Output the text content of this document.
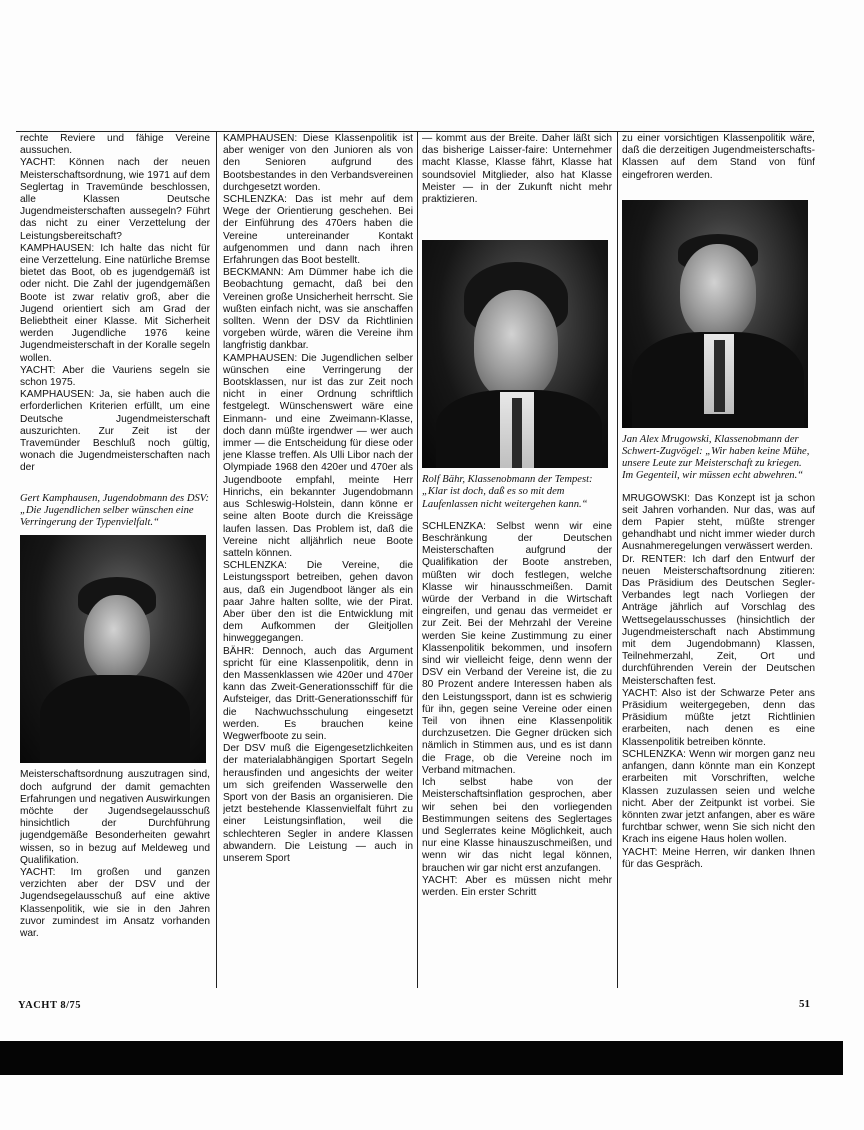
rechte Reviere und fähige Vereine aussuchen.

YACHT: Können nach der neuen Meisterschaftsordnung, wie 1971 auf dem Seglertag in Travemünde beschlossen, alle Klassen Deutsche Jugendmeisterschaften aussegeln? Führt das nicht zu einer Verzettelung der Leistungsbereitschaft?

KAMPHAUSEN: Ich halte das nicht für eine Verzettelung. Eine natürliche Bremse bietet das Boot, ob es jugendgemäß ist oder nicht. Die Zahl der jugendgemäßen Boote ist zwar relativ groß, aber die Jugend orientiert sich am Grad der Beliebtheit einer Klasse. Mit Sicherheit werden Jugendliche 1976 keine Jugendmeisterschaft in der Koralle segeln wollen.

YACHT: Aber die Vauriens segeln sie schon 1975.

KAMPHAUSEN: Ja, sie haben auch die erforderlichen Kriterien erfüllt, um eine Deutsche Jugendmeisterschaft auszurichten. Zur Zeit ist der Travemünder Beschluß noch gültig, wonach die Jugendmeisterschaften nach der

Gert Kamphausen, Jugendobmann des DSV: „Die Jugendlichen selber wünschen eine Verringerung der Typenvielfalt.“

Meisterschaftsordnung auszutragen sind, doch aufgrund der damit gemachten Erfahrungen und negativen Auswirkungen möchte der Jugendsegelausschuß hinsichtlich der Durchführung jugendgemäße Besonderheiten gewahrt wissen, so in bezug auf Meldeweg und Qualifikation.

YACHT: Im großen und ganzen verzichten aber der DSV und der Jugendsegelausschuß auf eine aktive Klassenpolitik, wie sie in den Jahren zuvor zumindest im Ansatz vorhanden war.

KAMPHAUSEN: Diese Klassenpolitik ist aber weniger von den Junioren als von den Senioren aufgrund des Bootsbestandes in den Verbandsvereinen durchgesetzt worden.

SCHLENZKA: Das ist mehr auf dem Wege der Orientierung geschehen. Bei der Einführung des 470ers haben die Vereine untereinander Kontakt aufgenommen und dann nach ihren Erfahrungen das Boot bestellt.

BECKMANN: Am Dümmer habe ich die Beobachtung gemacht, daß bei den Vereinen große Unsicherheit herrscht. Sie wußten einfach nicht, was sie anschaffen sollten. Wenn der DSV da Richtlinien vorgeben würde, wären die Vereine ihm langfristig dankbar.

KAMPHAUSEN: Die Jugendlichen selber wünschen eine Verringerung der Bootsklassen, nur ist das zur Zeit noch nicht in einer Ordnung schriftlich festgelegt. Wünschenswert wäre eine Einmann- und eine Zweimann-Klasse, doch dann müßte irgendwer — wer auch immer — die Entscheidung für diese oder jene Klasse treffen. Als Ulli Libor nach der Olympiade 1968 den 420er und 470er als Jugendboote empfahl, meinte Herr Hinrichs, ein bekannter Jugendobmann aus Schleswig-Holstein, dann könne er seine alten Boote durch die Kreissäge laufen lassen. Das Problem ist, daß die Vereine nicht alljährlich neue Boote satteln können.

SCHLENZKA: Die Vereine, die Leistungssport betreiben, gehen davon aus, daß ein Jugendboot länger als ein paar Jahre halten sollte, wie der Pirat. Aber über den ist die Entwicklung mit dem Aufkommen der Gleitjollen hinweggegangen.

BÄHR: Dennoch, auch das Argument spricht für eine Klassenpolitik, denn in den Massenklassen wie 420er und 470er kann das Zweit-Generationsschiff für die Aufsteiger, das Dritt-Generationsschiff für die Nachwuchsschulung eingesetzt werden. Es brauchen keine Wegwerfboote zu sein.

Der DSV muß die Eigengesetzlichkeiten der materialabhängigen Sportart Segeln herausfinden und angesichts der weiter um sich greifenden Wasserwelle den Sport von der Basis an organisieren. Die jetzt bestehende Klassenvielfalt führt zu einer Leistungsinflation, weil die schlechteren Segler in andere Klassen abwandern. Die Leistung — auch in unserem Sport

— kommt aus der Breite. Daher läßt sich das bisherige Laisser-faire: Unternehmer macht Klasse, Klasse fährt, Klasse hat soundsoviel Mitglieder, also hat Klasse Meister — in der Zukunft nicht mehr praktizieren.

Rolf Bähr, Klassenobmann der Tempest: „Klar ist doch, daß es so mit dem Laufenlassen nicht weitergehen kann.“

SCHLENZKA: Selbst wenn wir eine Beschränkung der Deutschen Meisterschaften aufgrund der Qualifikation der Boote anstreben, müßten wir doch festlegen, welche Klasse wir hinausschmeißen. Damit würde der Verband in die Wirtschaft eingreifen, und genau das vermeidet er zur Zeit. Bei der Mehrzahl der Vereine werden Sie keine Zustimmung zu einer Klassenpolitik bekommen, und insofern sind wir vielleicht feige, denn wenn der DSV ein Verband der Vereine ist, die zu 80 Prozent andere Interessen haben als den Leistungssport, dann ist es schwierig für ihn, gegen seine Vereine oder einen Teil von ihnen eine Klassenpolitik durchzusetzen. Die Gegner drücken sich nämlich in Stimmen aus, und es ist dann die Frage, ob die Vereine noch im Verband mitmachen.

Ich selbst habe von der Meisterschaftsinflation gesprochen, aber wir sehen bei den vorliegenden Bestimmungen seitens des Seglertages und Seglerrates keine Möglichkeit, auch nur eine Klasse hinauszuschmeißen, und wenn wir das nicht legal können, brauchen wir gar nicht erst anzufangen.

YACHT: Aber es müssen nicht mehr werden. Ein erster Schritt

zu einer vorsichtigen Klassenpolitik wäre, daß die derzeitigen Jugendmeisterschafts-Klassen auf dem Stand von fünf eingefroren werden.

Jan Alex Mrugowski, Klassenobmann der Schwert-Zugvögel: „Wir haben keine Mühe, unsere Leute zur Meisterschaft zu kriegen. Im Gegenteil, wir müssen echt abwehren.“

MRUGOWSKI: Das Konzept ist ja schon seit Jahren vorhanden. Nur das, was auf dem Papier steht, müßte strenger gehandhabt und nicht immer wieder durch Ausnahmeregelungen verwässert werden.

Dr. RENTER: Ich darf den Entwurf der neuen Meisterschaftsordnung zitieren: Das Präsidium des Deutschen Segler-Verbandes legt nach Vorliegen der Anträge jährlich auf Vorschlag des Wettsegelausschusses (hinsichtlich der Jugendmeisterschaft nach Abstimmung mit dem Jugendobmann) Klassen, Teilnehmerzahl, Zeit, Ort und durchführenden Verein der Deutschen Meisterschaften fest.

YACHT: Also ist der Schwarze Peter ans Präsidium weitergegeben, denn das Präsidium müßte jetzt Richtlinien erarbeiten, nach denen es eine Klassenpolitik betreiben könnte.

SCHLENZKA: Wenn wir morgen ganz neu anfangen, dann könnte man ein Konzept erarbeiten mit Vorschriften, welche Klassen zuzulassen seien und welche nicht. Aber der Zeitpunkt ist vorbei. Sie könnten zwar jetzt anfangen, aber es wäre furchtbar schwer, wenn Sie sich nicht den Krach ins eigene Haus holen wollen.

YACHT: Meine Herren, wir danken Ihnen für das Gespräch.

YACHT 8/75	51
